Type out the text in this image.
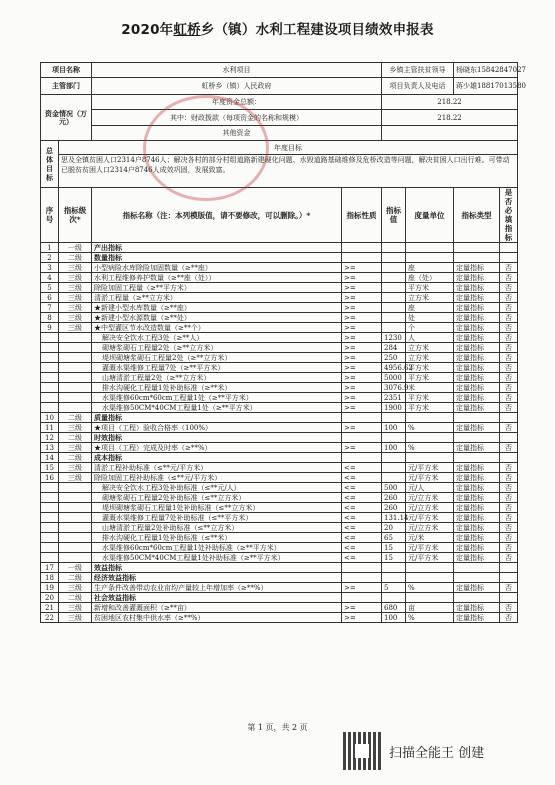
2020年虹桥乡（镇）水利工程建设项目绩效申报表
项目名称		水利项目		乡镇主管扶贫领导		杨晓东15842847027	
主管部门		虹桥乡（镇）人民政府		项目负责人及电话		蒋少雄18817013580	
资金情况（万元）		年度资金总额：		218.22			
		其中：财政拨款（每项资金的名称和规模）		218.22			
		其他资金					
总体目标	年度目标						
	思及全镇贫困人口2314户8746人；解决各村的部分村组道路新建硬化问题、水毁道路基础维修及危桥改造等问题，解决贫困人口出行难。可带动已脱贫贫困人口2314户8746人成效巩固，发展致富。						
序号	指标级次*	指标名称（注：本列模版值，请不要修改，可以删除。）*	指标性质	指标值	度量单位	指标类型	是否必填指标
1	一级	产出指标					
2	二级	数量指标					
3	三级	小型病险水库除险加固数量（≥**座）	>=		座	定量指标	否
4	三级	水利工程维修养护数量（≥**座（处））	>=		座（处）	定量指标	否
5	三级	除险加固工程量（≥**平方米）	>=		平方米	定量指标	否
6	三级	清淤工程量（≥**立方米）	>=		立方米	定量指标	否
7	三级	★新建小型水库数量（≥**座）	>=		座	定量指标	否
8	三级	★新建小型水源数量（≥**处）	>=		处	定量指标	否
9	三级	★中型灌区节水改造数量（≥**个）	>=		个	定量指标	否
		解决安全饮水工程3处（≥**人）	>=	1230	人	定量指标	否
		砌塘浆砌石工程量2处（≥**立方米）	>=	284	立方米	定量指标	否
		堤坝砌塘浆砌石工程量2处（≥**立方米）	>=	250	立方米	定量指标	否
		灌溉水渠维修工程量7处（≥**平方米）	>=	4956.62	平方米	定量指标	否
		山塘清淤工程量2处（≥**立方米）	>=	5000	平方米	定量指标	否
		排水沟硬化工程量1处补助标准（≥**米）	>=	3076.9	米	定量指标	否
		水渠维修60cm*60cm工程量1处（≥**平方米）	>=	2351	平方米	定量指标	否
		水渠维修50CM*40CM工程量1处（≥**平方米）	>=	1900	平方米	定量指标	否
10	二级	质量指标					
11	三级	★项目（工程）验收合格率（100%）	>=	100	%	定量指标	否
12	二级	时效指标					
13	三级	★项目（工程）完成及时率（≥**%）	>=	100	%	定量指标	否
14	二级	成本指标					
15	三级	清淤工程补助标准（≤**元/平方米）	<=		元/平方米	定量指标	否
16	三级	除险加固工程补助标准（≤**元/平方米）	<=		元/平方米	定量指标	否
		解决安全饮水工程3处补助标准（≤**元/人）	<=	500	元/人	定量指标	否
		砌塘浆砌石工程量2处补助标准（≤**立方米）	<=	260	元/立方米	定量指标	否
		堤坝砌塘浆砌石工程量1处补助标准（≤**立方米）	<=	260	元/立方米	定量指标	否
		灌溉水渠维修工程量7处补助标准（≤**平方米）	<=	131.14	元/平方米	定量指标	否
		山塘清淤工程量2处补助标准（≤**立方米）	<=	20	元/立方米	定量指标	否
		排水沟硬化工程量1处补助标准（≤**米）	<=	65	元/米	定量指标	否
		水渠维修60cm*60cm工程量1处补助标准（≥**平方米）	<=	15	元/平方米	定量指标	否
		水渠维修50CM*40CM工程量1处补助标准（≥**平方米）	<=	15	元/平方米	定量指标	否
17	一级	效益指标					
18	二级	经济效益指标					
19	三级	生产条件改善带动农业亩均产量较上年增加率（≥**%）	>=	5	%	定量指标	否
20	二级	社会效益指标					
21	三级	新增和改善灌溉面积（≥**亩）	>=	680	亩	定量指标	否
22	三级	贫困地区农村集中供水率（≥**%）	>=	100	%	定量指标	否
第 1 页，共 2 页
扫描全能王 创建
